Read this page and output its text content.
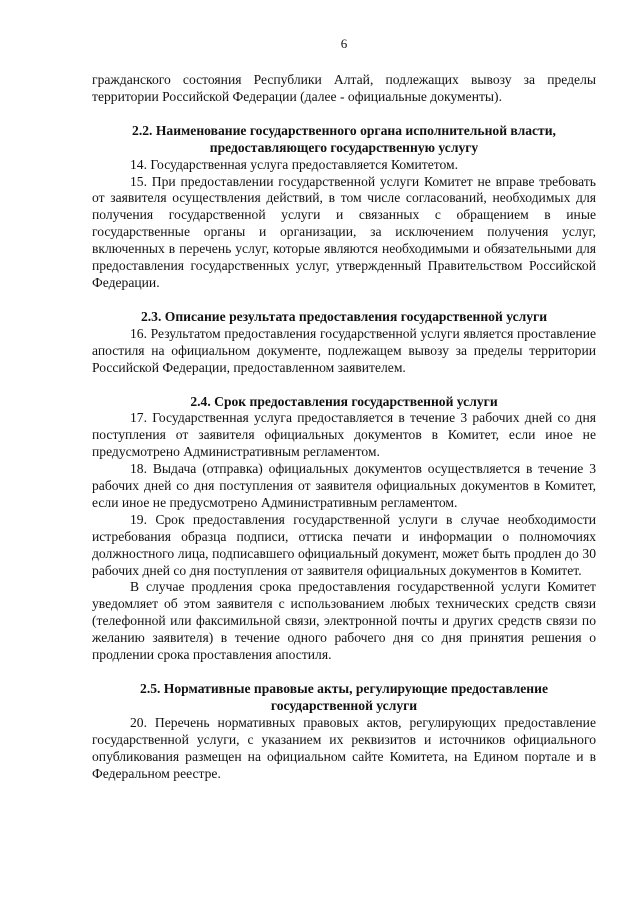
6

гражданского состояния Республики Алтай, подлежащих вывозу за пределы территории Российской Федерации (далее - официальные документы).

2.2. Наименование государственного органа исполнительной власти,
предоставляющего государственную услугу

14. Государственная услуга предоставляется Комитетом.

15. При предоставлении государственной услуги Комитет не вправе требовать от заявителя осуществления действий, в том числе согласований, необходимых для получения государственной услуги и связанных с обращением в иные государственные органы и организации, за исключением получения услуг, включенных в перечень услуг, которые являются необходимыми и обязательными для предоставления государственных услуг, утвержденный Правительством Российской Федерации.

2.3. Описание результата предоставления государственной услуги

16. Результатом предоставления государственной услуги является проставление апостиля на официальном документе, подлежащем вывозу за пределы территории Российской Федерации, предоставленном заявителем.

2.4. Срок предоставления государственной услуги

17. Государственная услуга предоставляется в течение 3 рабочих дней со дня поступления от заявителя официальных документов в Комитет, если иное не предусмотрено Административным регламентом.

18. Выдача (отправка) официальных документов осуществляется в течение 3 рабочих дней со дня поступления от заявителя официальных документов в Комитет, если иное не предусмотрено Административным регламентом.

19. Срок предоставления государственной услуги в случае необходимости истребования образца подписи, оттиска печати и информации о полномочиях должностного лица, подписавшего официальный документ, может быть продлен до 30 рабочих дней со дня поступления от заявителя официальных документов в Комитет.

В случае продления срока предоставления государственной услуги Комитет уведомляет об этом заявителя с использованием любых технических средств связи (телефонной или факсимильной связи, электронной почты и других средств связи по желанию заявителя) в течение одного рабочего дня со дня принятия решения о продлении срока проставления апостиля.

2.5. Нормативные правовые акты, регулирующие предоставление
государственной услуги

20. Перечень нормативных правовых актов, регулирующих предоставление государственной услуги, с указанием их реквизитов и источников официального опубликования размещен на официальном сайте Комитета, на Едином портале и в Федеральном реестре.
